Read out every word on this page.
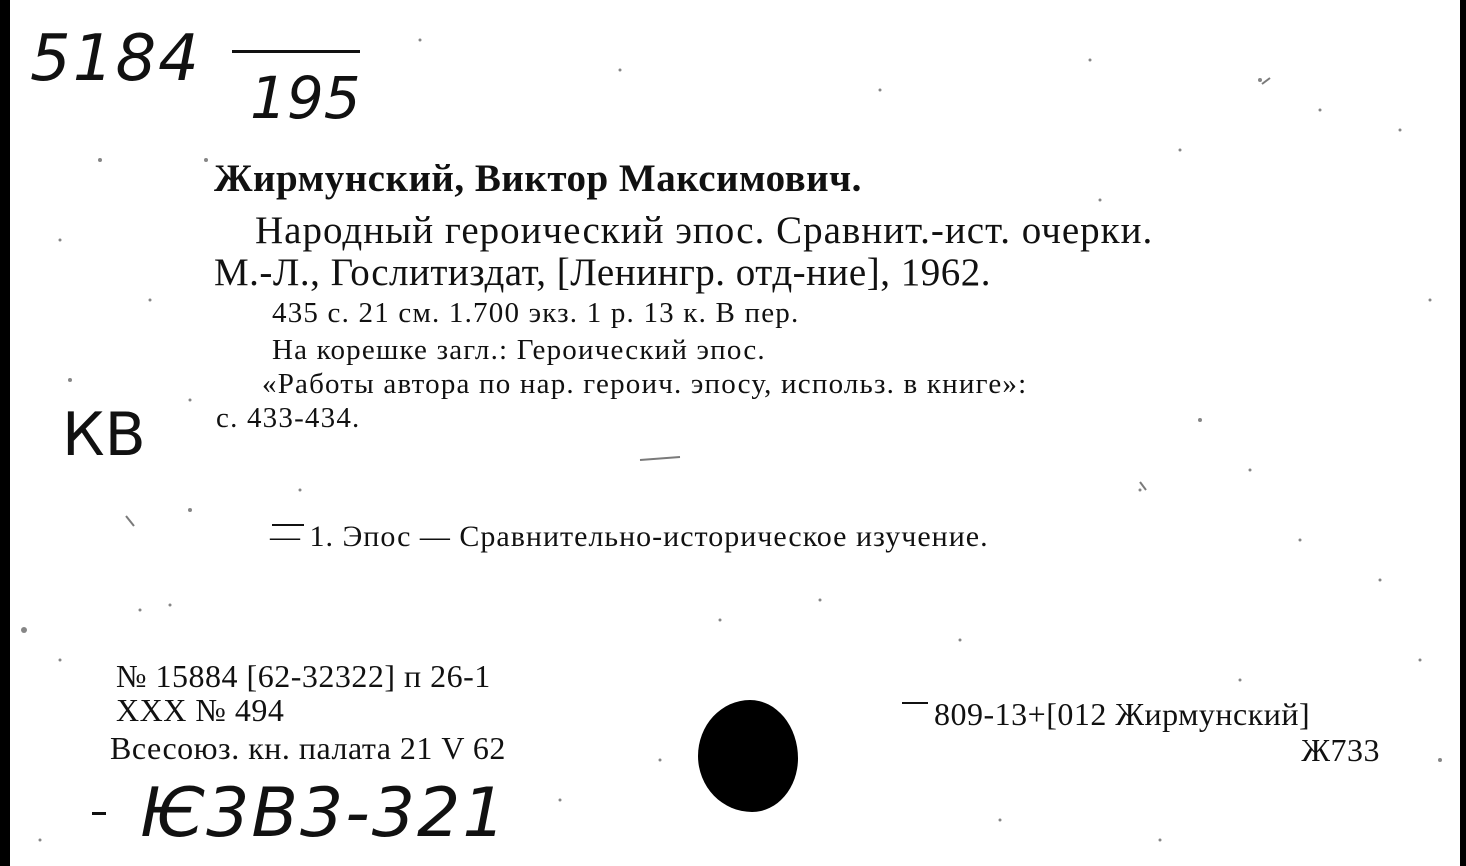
5184
195
КВ
Ѥ3В3-321
Жирмунский, Виктор Максимович.
Народный героический эпос. Сравнит.-ист. очерки.
М.-Л., Гослитиздат, [Ленингр. отд-ние], 1962.
435 с. 21 см. 1.700 экз. 1 р. 13 к. В пер.
На корешке загл.: Героический эпос.
«Работы автора по нар. героич. эпосу, использ. в книге»:
с. 433-434.
— 1. Эпос — Сравнительно-историческое изучение.
№ 15884 [62-32322] п 26-1
XXX № 494
Всесоюз. кн. палата 21 V 62
809-13+[012 Жирмунский]
Ж733
